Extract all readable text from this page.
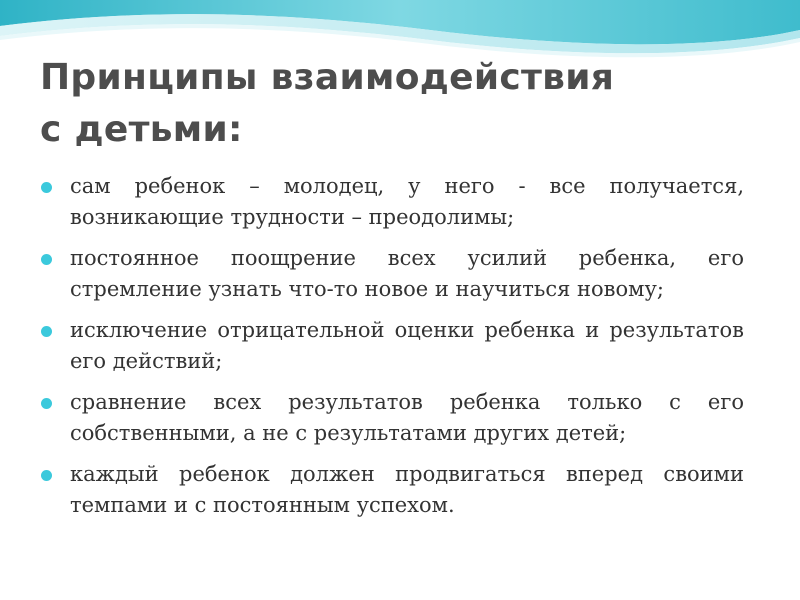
Принципы взаимодействия
с детьми:
сам ребенок – молодец, у него - все получается, возникающие трудности – преодолимы;
постоянное поощрение всех усилий ребенка, его стремление узнать что-то новое и научиться новому;
исключение отрицательной оценки ребенка и результатов его действий;
сравнение всех результатов ребенка только с его собственными, а не с результатами других детей;
каждый ребенок должен продвигаться вперед своими темпами и с постоянным успехом.
